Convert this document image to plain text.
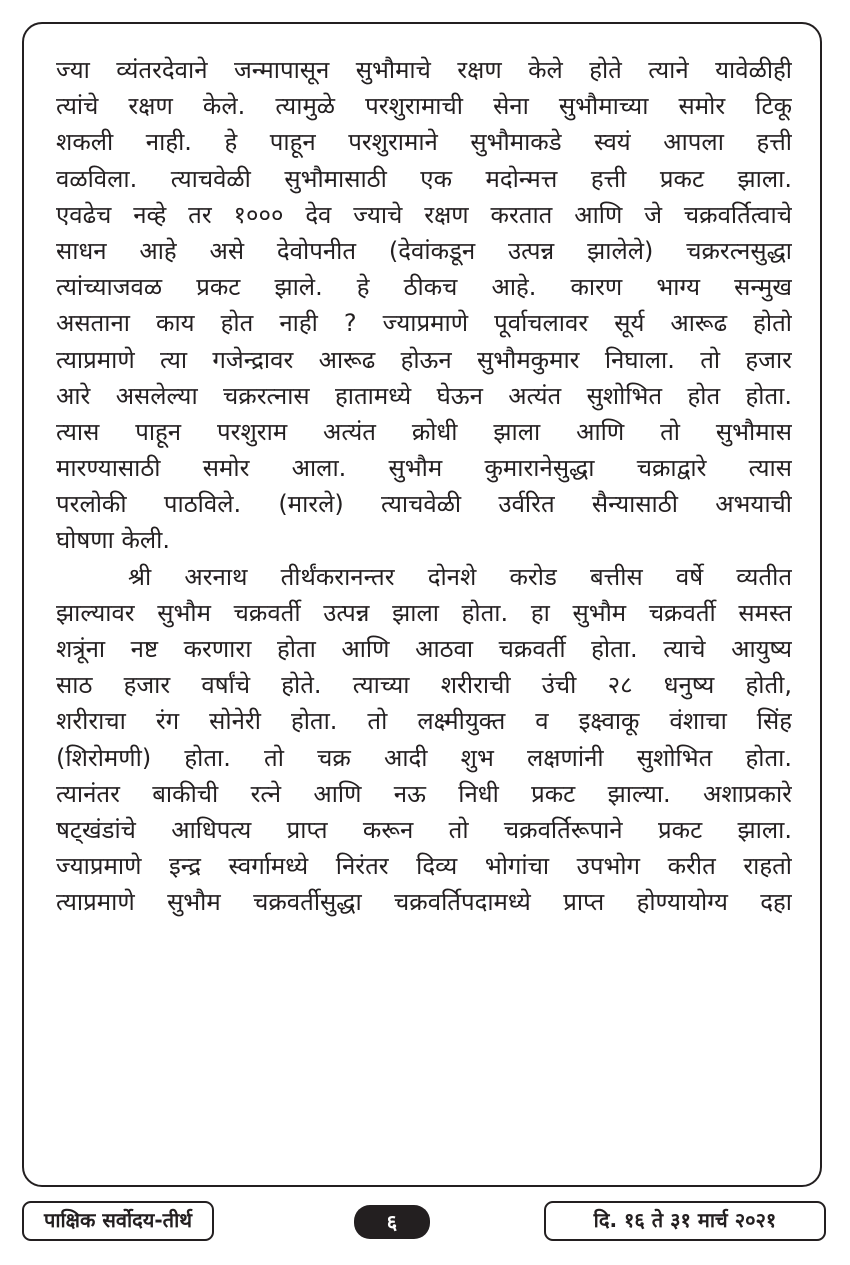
ज्या व्यंतरदेवाने जन्मापासून सुभौमाचे रक्षण केले होते त्याने यावेळीही
त्यांचे रक्षण केले. त्यामुळे परशुरामाची सेना सुभौमाच्या समोर टिकू
शकली नाही. हे पाहून परशुरामाने सुभौमाकडे स्वयं आपला हत्ती
वळविला. त्याचवेळी सुभौमासाठी एक मदोन्मत्त हत्ती प्रकट झाला.
एवढेच नव्हे तर १००० देव ज्याचे रक्षण करतात आणि जे चक्रवर्तित्वाचे
साधन आहे असे देवोपनीत (देवांकडून उत्पन्न झालेले) चक्ररत्नसुद्धा
त्यांच्याजवळ प्रकट झाले. हे ठीकच आहे. कारण भाग्य सन्मुख
असताना काय होत नाही ? ज्याप्रमाणे पूर्वाचलावर सूर्य आरूढ होतो
त्याप्रमाणे त्या गजेन्द्रावर आरूढ होऊन सुभौमकुमार निघाला. तो हजार
आरे असलेल्या चक्ररत्नास हातामध्ये घेऊन अत्यंत सुशोभित होत होता.
त्यास पाहून परशुराम अत्यंत क्रोधी झाला आणि तो सुभौमास
मारण्यासाठी समोर आला. सुभौम कुमारानेसुद्धा चक्राद्वारे त्यास
परलोकी पाठविले. (मारले) त्याचवेळी उर्वरित सैन्यासाठी अभयाची
घोषणा केली.
श्री अरनाथ तीर्थंकरानन्तर दोनशे करोड बत्तीस वर्षे व्यतीत
झाल्यावर सुभौम चक्रवर्ती उत्पन्न झाला होता. हा सुभौम चक्रवर्ती समस्त
शत्रूंना नष्ट करणारा होता आणि आठवा चक्रवर्ती होता. त्याचे आयुष्य
साठ हजार वर्षांचे होते. त्याच्या शरीराची उंची २८ धनुष्य होती,
शरीराचा रंग सोनेरी होता. तो लक्ष्मीयुक्त व इक्ष्वाकू वंशाचा सिंह
(शिरोमणी) होता. तो चक्र आदी शुभ लक्षणांनी सुशोभित होता.
त्यानंतर बाकीची रत्ने आणि नऊ निधी प्रकट झाल्या. अशाप्रकारे
षट्खंडांचे आधिपत्य प्राप्त करून तो चक्रवर्तिरूपाने प्रकट झाला.
ज्याप्रमाणे इन्द्र स्वर्गामध्ये निरंतर दिव्य भोगांचा उपभोग करीत राहतो
त्याप्रमाणे सुभौम चक्रवर्तीसुद्धा चक्रवर्तिपदामध्ये प्राप्त होण्यायोग्य दहा
पाक्षिक सर्वोदय-तीर्थ	६	दि. १६ ते ३१ मार्च २०२१
